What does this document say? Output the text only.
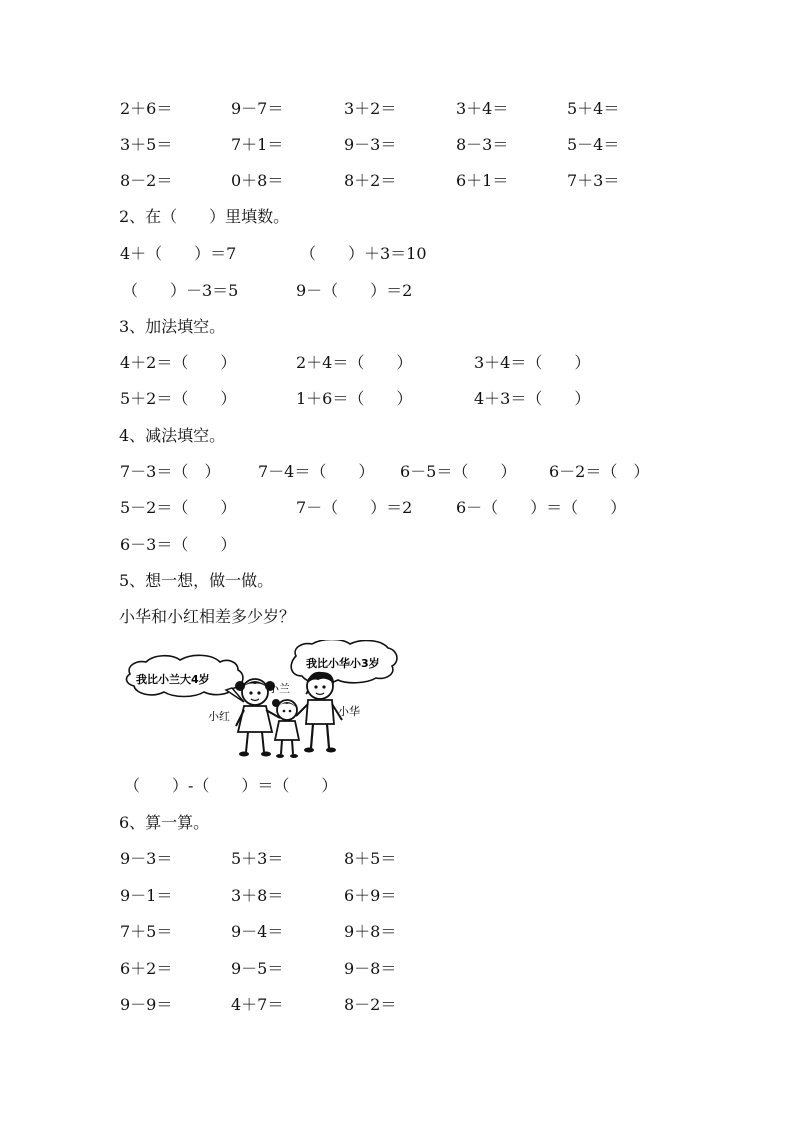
2＋6＝	9－7＝	3＋2＝	3＋4＝	5＋4＝
3＋5＝	7＋1＝	9－3＝	8－3＝	5－4＝
8－2＝	0＋8＝	8＋2＝	6＋1＝	7＋3＝
2、在（　　）里填数。
4＋（　　）＝7	（　　）＋3＝10
（　　）－3＝5	9－（　　）＝2
3、加法填空。
4＋2＝（　　）	2＋4＝（　　）	3＋4＝（　　）
5＋2＝（　　）	1＋6＝（　　）	4＋3＝（　　）
4、减法填空。
7－3＝（　） 7－4＝（　　） 6－5＝（　　） 6－2＝（　）
5－2＝（　　）	7－（　　）＝2	6－（　　）＝（　　）
6－3＝（　　）
5、想一想，做一做。
小华和小红相差多少岁？
我比小兰大4岁
我比小华小3岁
小红
小兰
小华
（　　）-（　　）＝（　　）
6、算一算。
9－3＝	5＋3＝	8＋5＝
9－1＝	3＋8＝	6＋9＝
7＋5＝	9－4＝	9＋8＝
6＋2＝	9－5＝	9－8＝
9－9＝	4＋7＝	8－2＝
